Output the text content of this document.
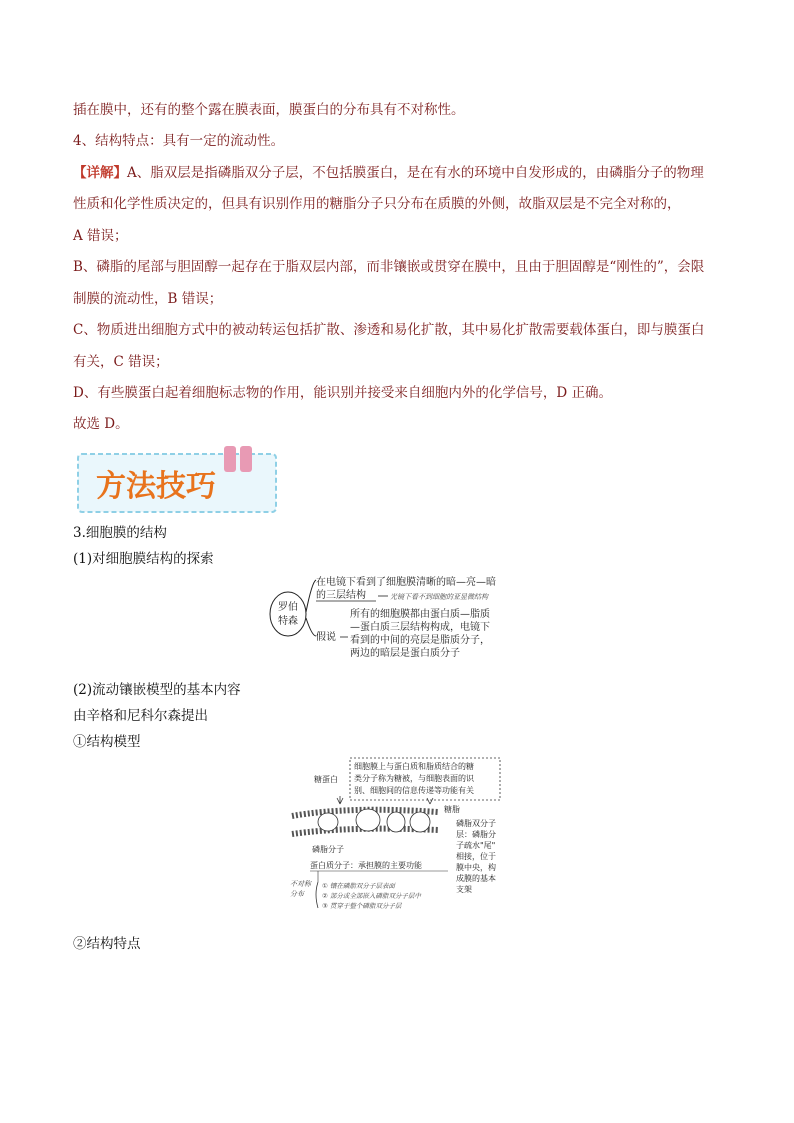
插在膜中，还有的整个露在膜表面，膜蛋白的分布具有不对称性。
4、结构特点：具有一定的流动性。
【详解】A、脂双层是指磷脂双分子层，不包括膜蛋白，是在有水的环境中自发形成的，由磷脂分子的物理
性质和化学性质决定的，但具有识别作用的糖脂分子只分布在质膜的外侧，故脂双层是不完全对称的，
A 错误；
B、磷脂的尾部与胆固醇一起存在于脂双层内部，而非镶嵌或贯穿在膜中，且由于胆固醇是“刚性的”，会限
制膜的流动性，B 错误；
C、物质进出细胞方式中的被动转运包括扩散、渗透和易化扩散，其中易化扩散需要载体蛋白，即与膜蛋白
有关，C 错误；
D、有些膜蛋白起着细胞标志物的作用，能识别并接受来自细胞内外的化学信号，D 正确。
故选 D。
方法技巧
3.细胞膜的结构
(1)对细胞膜结构的探索
罗伯
特森
在电镜下看到了细胞膜清晰的暗—亮—暗
的三层结构	光镜下看不到细胞的亚显微结构
假说
所有的细胞膜都由蛋白质—脂质
—蛋白质三层结构构成，电镜下
看到的中间的亮层是脂质分子，
两边的暗层是蛋白质分子
(2)流动镶嵌模型的基本内容
由辛格和尼科尔森提出
①结构模型
糖蛋白
细胞膜上与蛋白质和脂质结合的糖
类分子称为糖被，与细胞表面的识
别、细胞间的信息传递等功能有关
糖脂
磷脂分子
磷脂双分子
层：磷脂分
子疏水"尾"
相接，位于
膜中央，构
成膜的基本
支架
蛋白质分子：承担膜的主要功能
不对称
分布
① 镶在磷脂双分子层表面
② 部分或全部嵌入磷脂双分子层中
③ 贯穿于整个磷脂双分子层
②结构特点
